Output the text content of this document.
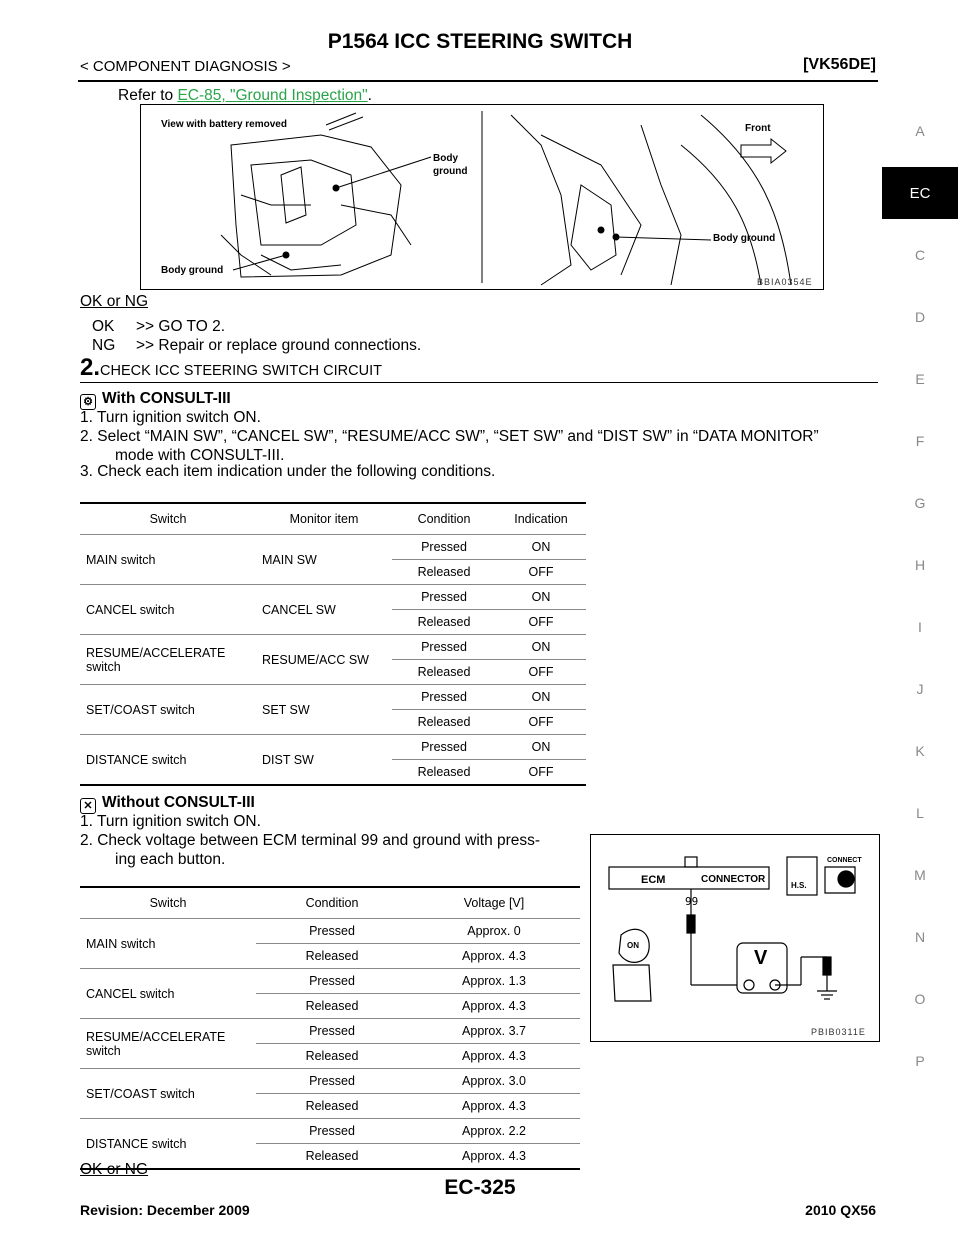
P1564 ICC STEERING SWITCH
< COMPONENT DIAGNOSIS >	[VK56DE]
A
EC
C
D
E
F
G
H
I
J
K
L
M
N
O
P
Refer to EC-85, "Ground Inspection".
View with battery removed
Body
ground
Body ground
Front
Body ground
BBIA0354E
OK or NG
OK >> GO TO 2.
NG >> Repair or replace ground connections.
2.CHECK ICC STEERING SWITCH CIRCUIT
⚙ With CONSULT-III
1. Turn ignition switch ON.
2. Select “MAIN SW”, “CANCEL SW”, “RESUME/ACC SW”, “SET SW” and “DIST SW” in “DATA MONITOR”
mode with CONSULT-III.
3. Check each item indication under the following conditions.
Switch	Monitor item	Condition	Indication
MAIN switch	MAIN SW	Pressed	ON
		Released	OFF
CANCEL switch	CANCEL SW	Pressed	ON
		Released	OFF
RESUME/ACCELERATE
switch	RESUME/ACC SW	Pressed	ON
		Released	OFF
SET/COAST switch	SET SW	Pressed	ON
		Released	OFF
DISTANCE switch	DIST SW	Pressed	ON
		Released	OFF
✕ Without CONSULT-III
1. Turn ignition switch ON.
2. Check voltage between ECM terminal 99 and ground with press-
ing each button.
Switch	Condition	Voltage [V]
MAIN switch	Pressed	Approx. 0
	Released	Approx. 4.3
CANCEL switch	Pressed	Approx. 1.3
	Released	Approx. 4.3
RESUME/ACCELERATE
switch	Pressed	Approx. 3.7
	Released	Approx. 4.3
SET/COAST switch	Pressed	Approx. 3.0
	Released	Approx. 4.3
DISTANCE switch	Pressed	Approx. 2.2
	Released	Approx. 4.3
ECM	CONNECTOR
H.S.
CONNECT
99
ON
V
PBIB0311E
OK or NG
EC-325
Revision: December 2009	2010 QX56
